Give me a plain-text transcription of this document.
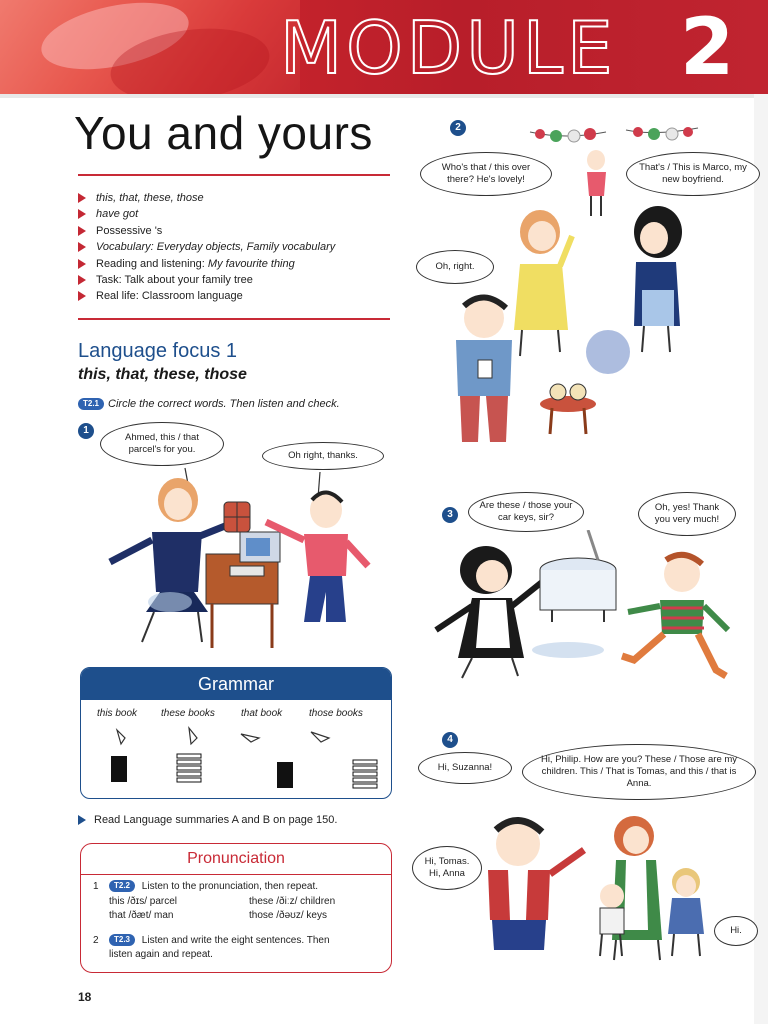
MODULE 2
You and yours
this, that, these, those
have got
Possessive 's
Vocabulary: Everyday objects, Family vocabulary
Reading and listening: My favourite thing
Task: Talk about your family tree
Real life: Classroom language
Language focus 1
this, that, these, those
T2.1 Circle the correct words. Then listen and check.
1
Ahmed, this / that parcel's for you.
Oh right, thanks.
Grammar
this book these books	that book	those books
Read Language summaries A and B on page 150.
Pronunciation
1	T2.2 Listen to the pronunciation, then repeat.
this /ðɪs/ parcel	these /ðiːz/ children
that /ðæt/ man	those /ðəʊz/ keys
2	T2.3 Listen and write the eight sentences. Then
listen again and repeat.
18
2
Who's that / this over there? He's lovely!
That's / This is Marco, my new boyfriend.
Oh, right.
3
Are these / those your car keys, sir?
Oh, yes! Thank you very much!
4
Hi, Suzanna!
Hi, Philip. How are you? These / Those are my children. This / That is Tomas, and this / that is Anna.
Hi, Tomas. Hi, Anna
Hi.
